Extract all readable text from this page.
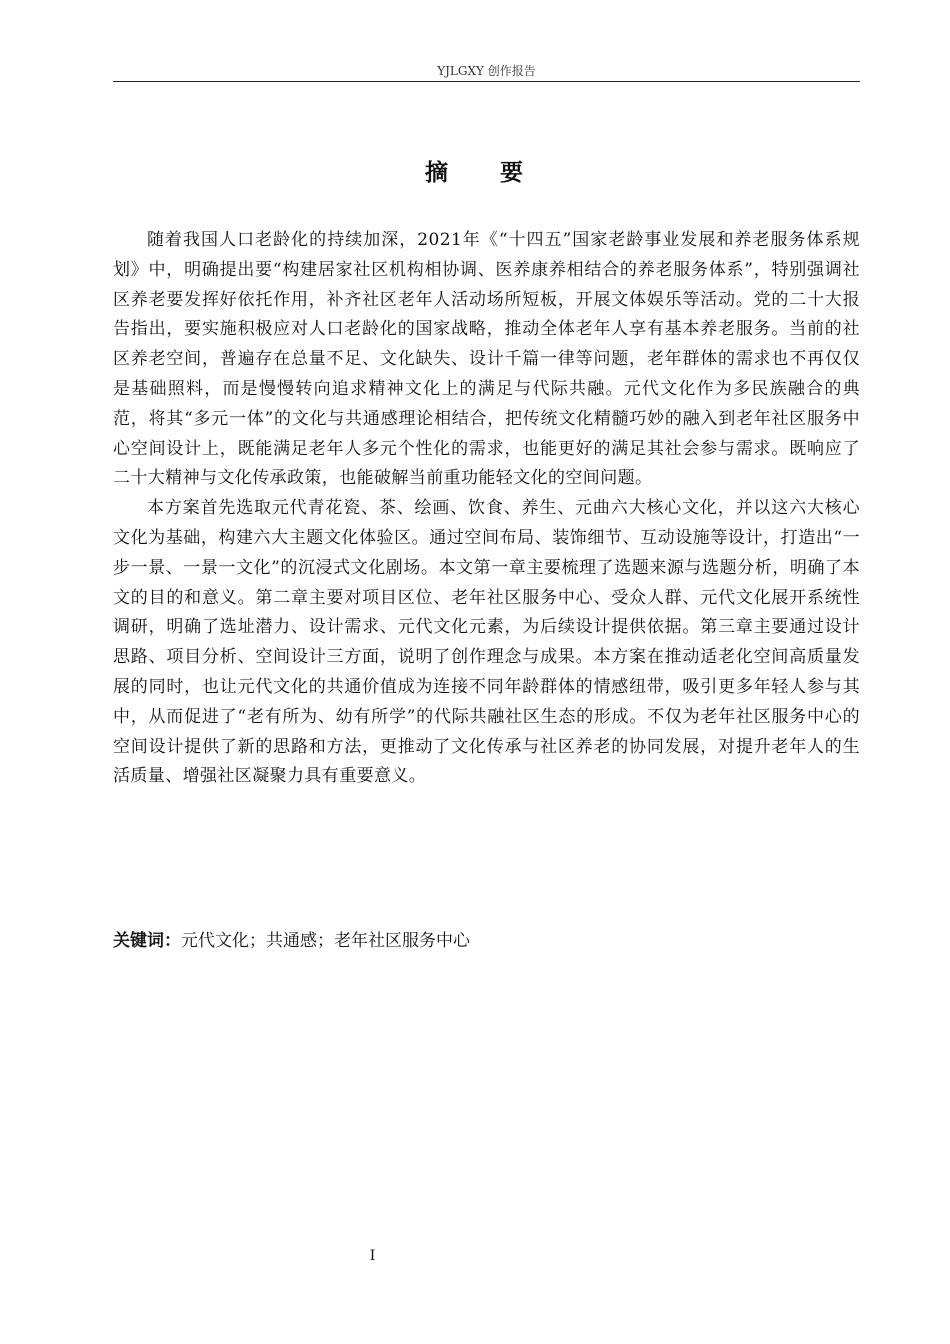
YJLGXY 创作报告
摘　　要

随着我国人口老龄化的持续加深，2021年《“十四五”国家老龄事业发展和养老服务体系规划》中，明确提出要“构建居家社区机构相协调、医养康养相结合的养老服务体系”，特别强调社区养老要发挥好依托作用，补齐社区老年人活动场所短板，开展文体娱乐等活动。党的二十大报告指出，要实施积极应对人口老龄化的国家战略，推动全体老年人享有基本养老服务。当前的社区养老空间，普遍存在总量不足、文化缺失、设计千篇一律等问题，老年群体的需求也不再仅仅是基础照料，而是慢慢转向追求精神文化上的满足与代际共融。元代文化作为多民族融合的典范，将其“多元一体”的文化与共通感理论相结合，把传统文化精髓巧妙的融入到老年社区服务中心空间设计上，既能满足老年人多元个性化的需求，也能更好的满足其社会参与需求。既响应了二十大精神与文化传承政策，也能破解当前重功能轻文化的空间问题。

本方案首先选取元代青花瓷、茶、绘画、饮食、养生、元曲六大核心文化，并以这六大核心文化为基础，构建六大主题文化体验区。通过空间布局、装饰细节、互动设施等设计，打造出“一步一景、一景一文化”的沉浸式文化剧场。本文第一章主要梳理了选题来源与选题分析，明确了本文的目的和意义。第二章主要对项目区位、老年社区服务中心、受众人群、元代文化展开系统性调研，明确了选址潜力、设计需求、元代文化元素，为后续设计提供依据。第三章主要通过设计思路、项目分析、空间设计三方面，说明了创作理念与成果。本方案在推动适老化空间高质量发展的同时，也让元代文化的共通价值成为连接不同年龄群体的情感纽带，吸引更多年轻人参与其中，从而促进了“老有所为、幼有所学”的代际共融社区生态的形成。不仅为老年社区服务中心的空间设计提供了新的思路和方法，更推动了文化传承与社区养老的协同发展，对提升老年人的生活质量、增强社区凝聚力具有重要意义。

关键词：元代文化；共通感；老年社区服务中心
I
